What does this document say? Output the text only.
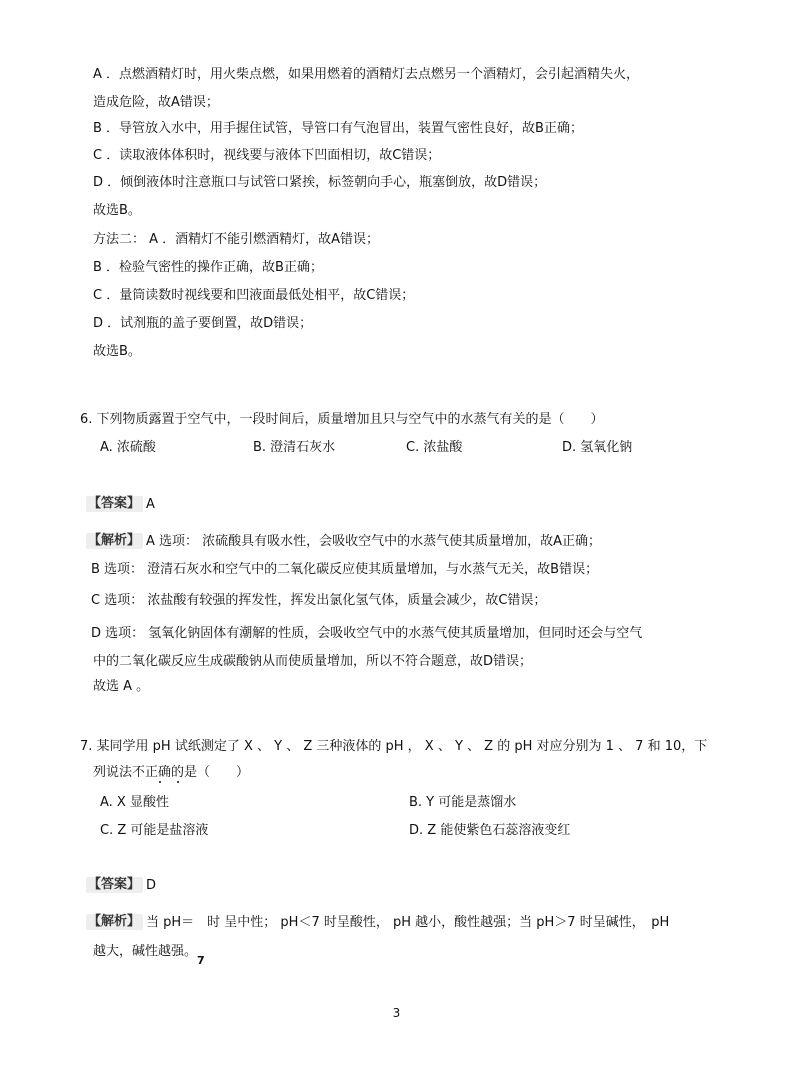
A ．点燃酒精灯时，用火柴点燃，如果用燃着的酒精灯去点燃另一个酒精灯，会引起酒精失火，
造成危险，故A错误；
B ．导管放入水中，用手握住试管，导管口有气泡冒出，装置气密性良好，故B正确；
C ．读取液体体积时，视线要与液体下凹面相切，故C错误；
D ．倾倒液体时注意瓶口与试管口紧挨，标签朝向手心，瓶塞倒放，故D错误；
故选B。
方法二： A ．酒精灯不能引燃酒精灯，故A错误；
B ．检验气密性的操作正确，故B正确；
C ．量筒读数时视线要和凹液面最低处相平，故C错误；
D ．试剂瓶的盖子要倒置，故D错误；
故选B。
6. 下列物质露置于空气中，一段时间后，质量增加且只与空气中的水蒸气有关的是（　　）
A. 浓硫酸	B. 澄清石灰水	C. 浓盐酸	D. 氢氧化钠
【答案】 A
【解析】 A 选项： 浓硫酸具有吸水性，会吸收空气中的水蒸气使其质量增加，故A正确；
B 选项： 澄清石灰水和空气中的二氧化碳反应使其质量增加，与水蒸气无关，故B错误；
C 选项： 浓盐酸有较强的挥发性，挥发出氯化氢气体，质量会减少，故C错误；
D 选项： 氢氧化钠固体有潮解的性质，会吸收空气中的水蒸气使其质量增加，但同时还会与空气
中的二氧化碳反应生成碳酸钠从而使质量增加，所以不符合题意，故D错误；
故选 A 。
7. 某同学用 pH 试纸测定了 X 、 Y 、 Z 三种液体的 pH ， X 、 Y 、 Z 的 pH 对应分别为 1 、 7 和 10，下
列说法不正确的是（　　）
A. X 显酸性	B. Y 可能是蒸馏水
C. Z 可能是盐溶液	D. Z 能使紫色石蕊溶液变红
【答案】 D
【解析】 当 pH＝　时 呈中性； pH＜7 时呈酸性， pH 越小，酸性越强；当 pH＞7 时呈碱性，　pH
越大，碱性越强。
7
3
